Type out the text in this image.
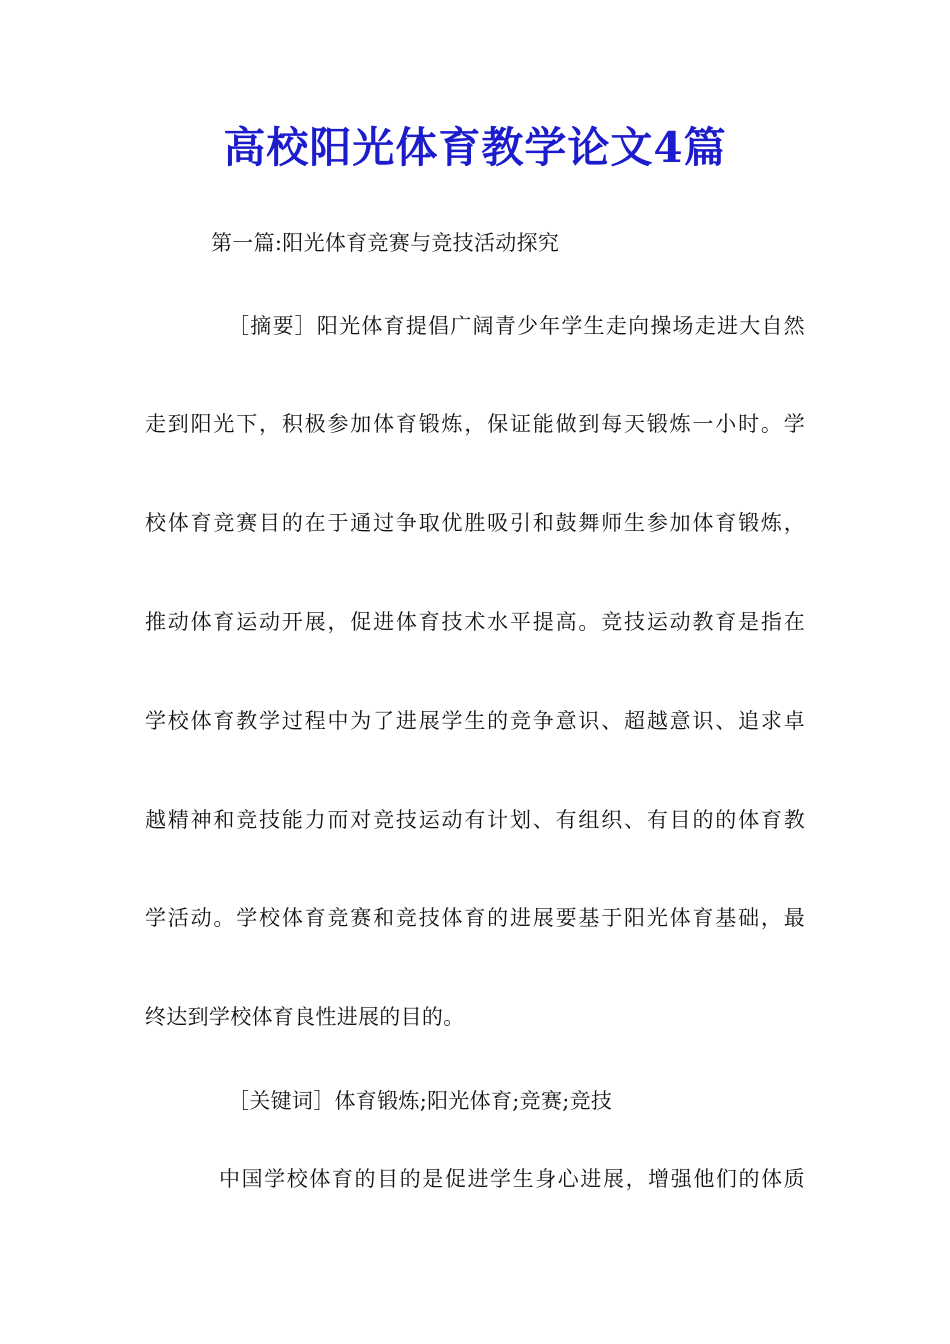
高校阳光体育教学论文4篇
第一篇:阳光体育竞赛与竞技活动探究
［摘要］阳光体育提倡广阔青少年学生走向操场走进大自然
走到阳光下，积极参加体育锻炼，保证能做到每天锻炼一小时。学
校体育竞赛目的在于通过争取优胜吸引和鼓舞师生参加体育锻炼，
推动体育运动开展，促进体育技术水平提高。竞技运动教育是指在
学校体育教学过程中为了进展学生的竞争意识、超越意识、追求卓
越精神和竞技能力而对竞技运动有计划、有组织、有目的的体育教
学活动。学校体育竞赛和竞技体育的进展要基于阳光体育基础，最
终达到学校体育良性进展的目的。
［关键词］体育锻炼;阳光体育;竞赛;竞技
中国学校体育的目的是促进学生身心进展，增强他们的体质
